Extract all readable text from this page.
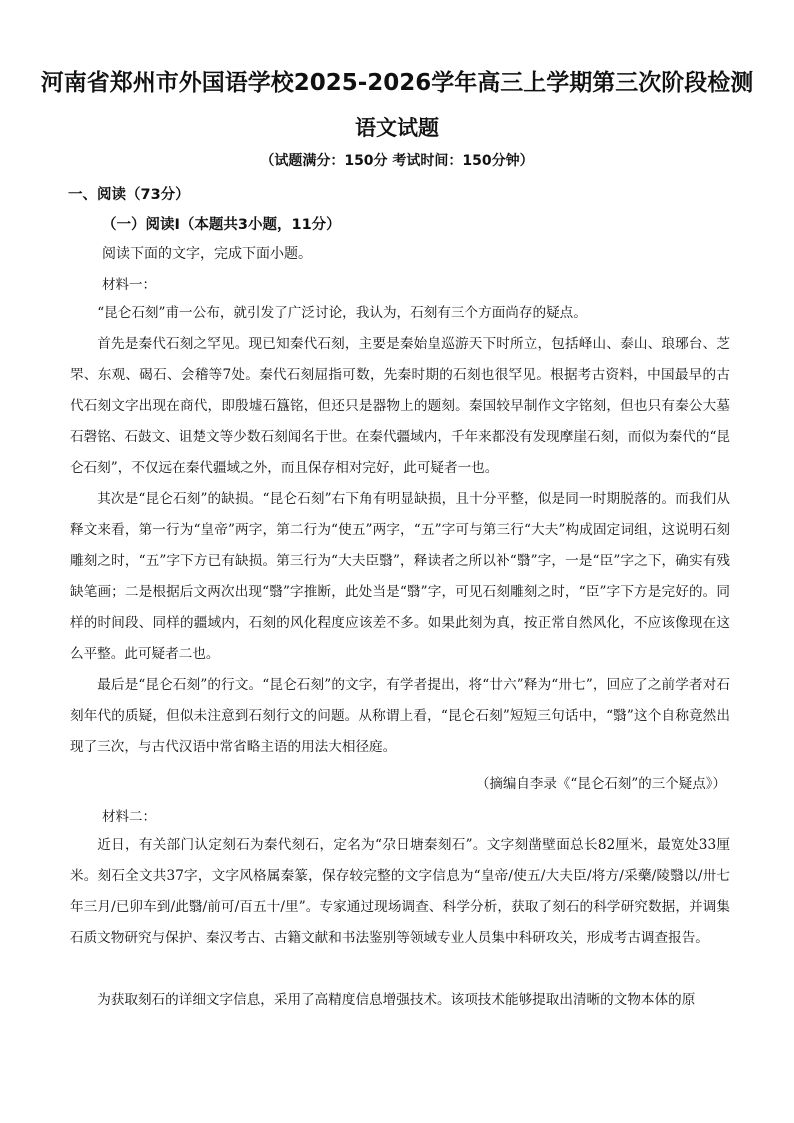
河南省郑州市外国语学校2025-2026学年高三上学期第三次阶段检测
语文试题
（试题满分：150分 考试时间：150分钟）
一、阅读（73分）
（一）阅读Ⅰ（本题共3小题，11分）
阅读下面的文字，完成下面小题。
材料一：

“昆仑石刻”甫一公布，就引发了广泛讨论，我认为，石刻有三个方面尚存的疑点。

首先是秦代石刻之罕见。现已知秦代石刻，主要是秦始皇巡游天下时所立，包括峄山、泰山、琅琊台、芝罘、东观、碣石、会稽等7处。秦代石刻屈指可数，先秦时期的石刻也很罕见。根据考古资料，中国最早的古代石刻文字出现在商代，即殷墟石簋铭，但还只是器物上的题刻。秦国较早制作文字铭刻，但也只有秦公大墓石磬铭、石鼓文、诅楚文等少数石刻闻名于世。在秦代疆域内，千年来都没有发现摩崖石刻，而似为秦代的“昆仑石刻”，不仅远在秦代疆域之外，而且保存相对完好，此可疑者一也。

其次是“昆仑石刻”的缺损。“昆仑石刻”右下角有明显缺损，且十分平整，似是同一时期脱落的。而我们从释文来看，第一行为“皇帝”两字，第二行为“使五”两字，“五”字可与第三行“大夫”构成固定词组，这说明石刻雕刻之时，“五”字下方已有缺损。第三行为“大夫臣翳”，释读者之所以补“翳”字，一是“臣”字之下，确实有残缺笔画；二是根据后文两次出现“翳”字推断，此处当是“翳”字，可见石刻雕刻之时，“臣”字下方是完好的。同样的时间段、同样的疆域内，石刻的风化程度应该差不多。如果此刻为真，按正常自然风化，不应该像现在这么平整。此可疑者二也。

最后是“昆仑石刻”的行文。“昆仑石刻”的文字，有学者提出，将“廿六”释为“卅七”，回应了之前学者对石刻年代的质疑，但似未注意到石刻行文的问题。从称谓上看，“昆仑石刻”短短三句话中，“翳”这个自称竟然出现了三次，与古代汉语中常省略主语的用法大相径庭。

（摘编自李录《“昆仑石刻”的三个疑点》）
材料二：

近日，有关部门认定刻石为秦代刻石，定名为“尕日塘秦刻石”。文字刻凿壁面总长82厘米，最宽处33厘米。刻石全文共37字，文字风格属秦篆，保存较完整的文字信息为“皇帝/使五/大夫臣/将方/采藥/陵翳以/卅七年三月/已卯车到/此翳/前可/百五十/里”。专家通过现场调查、科学分析，获取了刻石的科学研究数据，并调集石质文物研究与保护、秦汉考古、古籍文献和书法鉴别等领域专业人员集中科研攻关，形成考古调查报告。

为获取刻石的详细文字信息，采用了高精度信息增强技术。该项技术能够提取出清晰的文物本体的原
